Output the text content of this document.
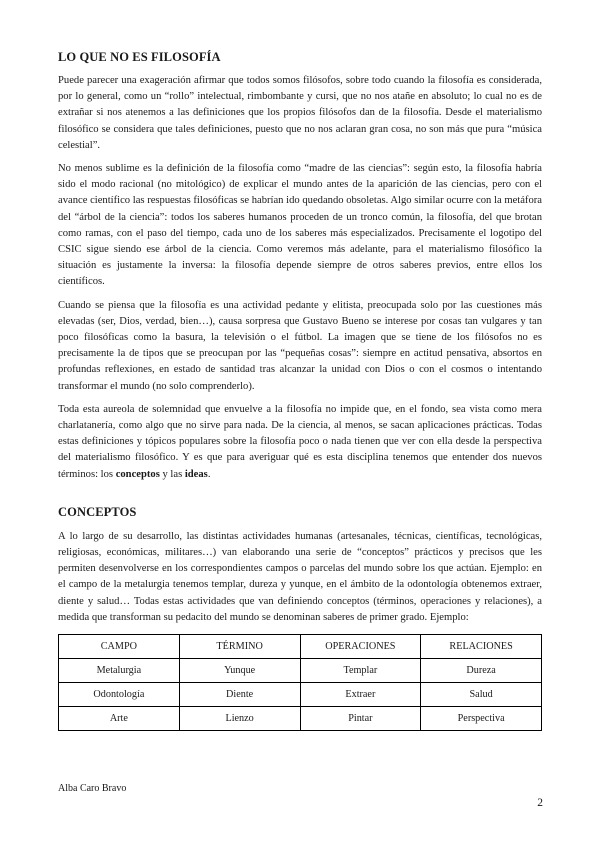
LO QUE NO ES FILOSOFÍA

Puede parecer una exageración afirmar que todos somos filósofos, sobre todo cuando la filosofía es considerada, por lo general, como un “rollo” intelectual, rimbombante y cursi, que no nos atañe en absoluto; lo cual no es de extrañar si nos atenemos a las definiciones que los propios filósofos dan de la filosofía. Desde el materialismo filosófico se considera que tales definiciones, puesto que no nos aclaran gran cosa, no son más que pura “música celestial”.

No menos sublime es la definición de la filosofía como “madre de las ciencias”: según esto, la filosofía habría sido el modo racional (no mitológico) de explicar el mundo antes de la aparición de las ciencias, pero con el avance científico las respuestas filosóficas se habrían ido quedando obsoletas. Algo similar ocurre con la metáfora del “árbol de la ciencia”: todos los saberes humanos proceden de un tronco común, la filosofía, del que brotan como ramas, con el paso del tiempo, cada uno de los saberes más especializados. Precisamente el logotipo del CSIC sigue siendo ese árbol de la ciencia. Como veremos más adelante, para el materialismo filosófico la situación es justamente la inversa: la filosofía depende siempre de otros saberes previos, entre ellos los científicos.

Cuando se piensa que la filosofía es una actividad pedante y elitista, preocupada solo por las cuestiones más elevadas (ser, Dios, verdad, bien…), causa sorpresa que Gustavo Bueno se interese por cosas tan vulgares y tan poco filosóficas como la basura, la televisión o el fútbol. La imagen que se tiene de los filósofos no es precisamente la de tipos que se preocupan por las “pequeñas cosas”: siempre en actitud pensativa, absortos en profundas reflexiones, en estado de santidad tras alcanzar la unidad con Dios o con el cosmos o intentando transformar el mundo (no solo comprenderlo).

Toda esta aureola de solemnidad que envuelve a la filosofía no impide que, en el fondo, sea vista como mera charlatanería, como algo que no sirve para nada. De la ciencia, al menos, se sacan aplicaciones prácticas. Todas estas definiciones y tópicos populares sobre la filosofía poco o nada tienen que ver con ella desde la perspectiva del materialismo filosófico. Y es que para averiguar qué es esta disciplina tenemos que entender dos nuevos términos: los conceptos y las ideas.

CONCEPTOS

A lo largo de su desarrollo, las distintas actividades humanas (artesanales, técnicas, científicas, tecnológicas, religiosas, económicas, militares…) van elaborando una serie de “conceptos” prácticos y precisos que les permiten desenvolverse en los correspondientes campos o parcelas del mundo sobre los que actúan. Ejemplo: en el campo de la metalurgia tenemos templar, dureza y yunque, en el ámbito de la odontología obtenemos extraer, diente y salud… Todas estas actividades que van definiendo conceptos (términos, operaciones y relaciones), a medida que transforman su pedacito del mundo se denominan saberes de primer grado. Ejemplo:

CAMPO	TÉRMINO	OPERACIONES	RELACIONES
Metalurgia	Yunque	Templar	Dureza
Odontología	Diente	Extraer	Salud
Arte	Lienzo	Pintar	Perspectiva
Alba Caro Bravo
2
